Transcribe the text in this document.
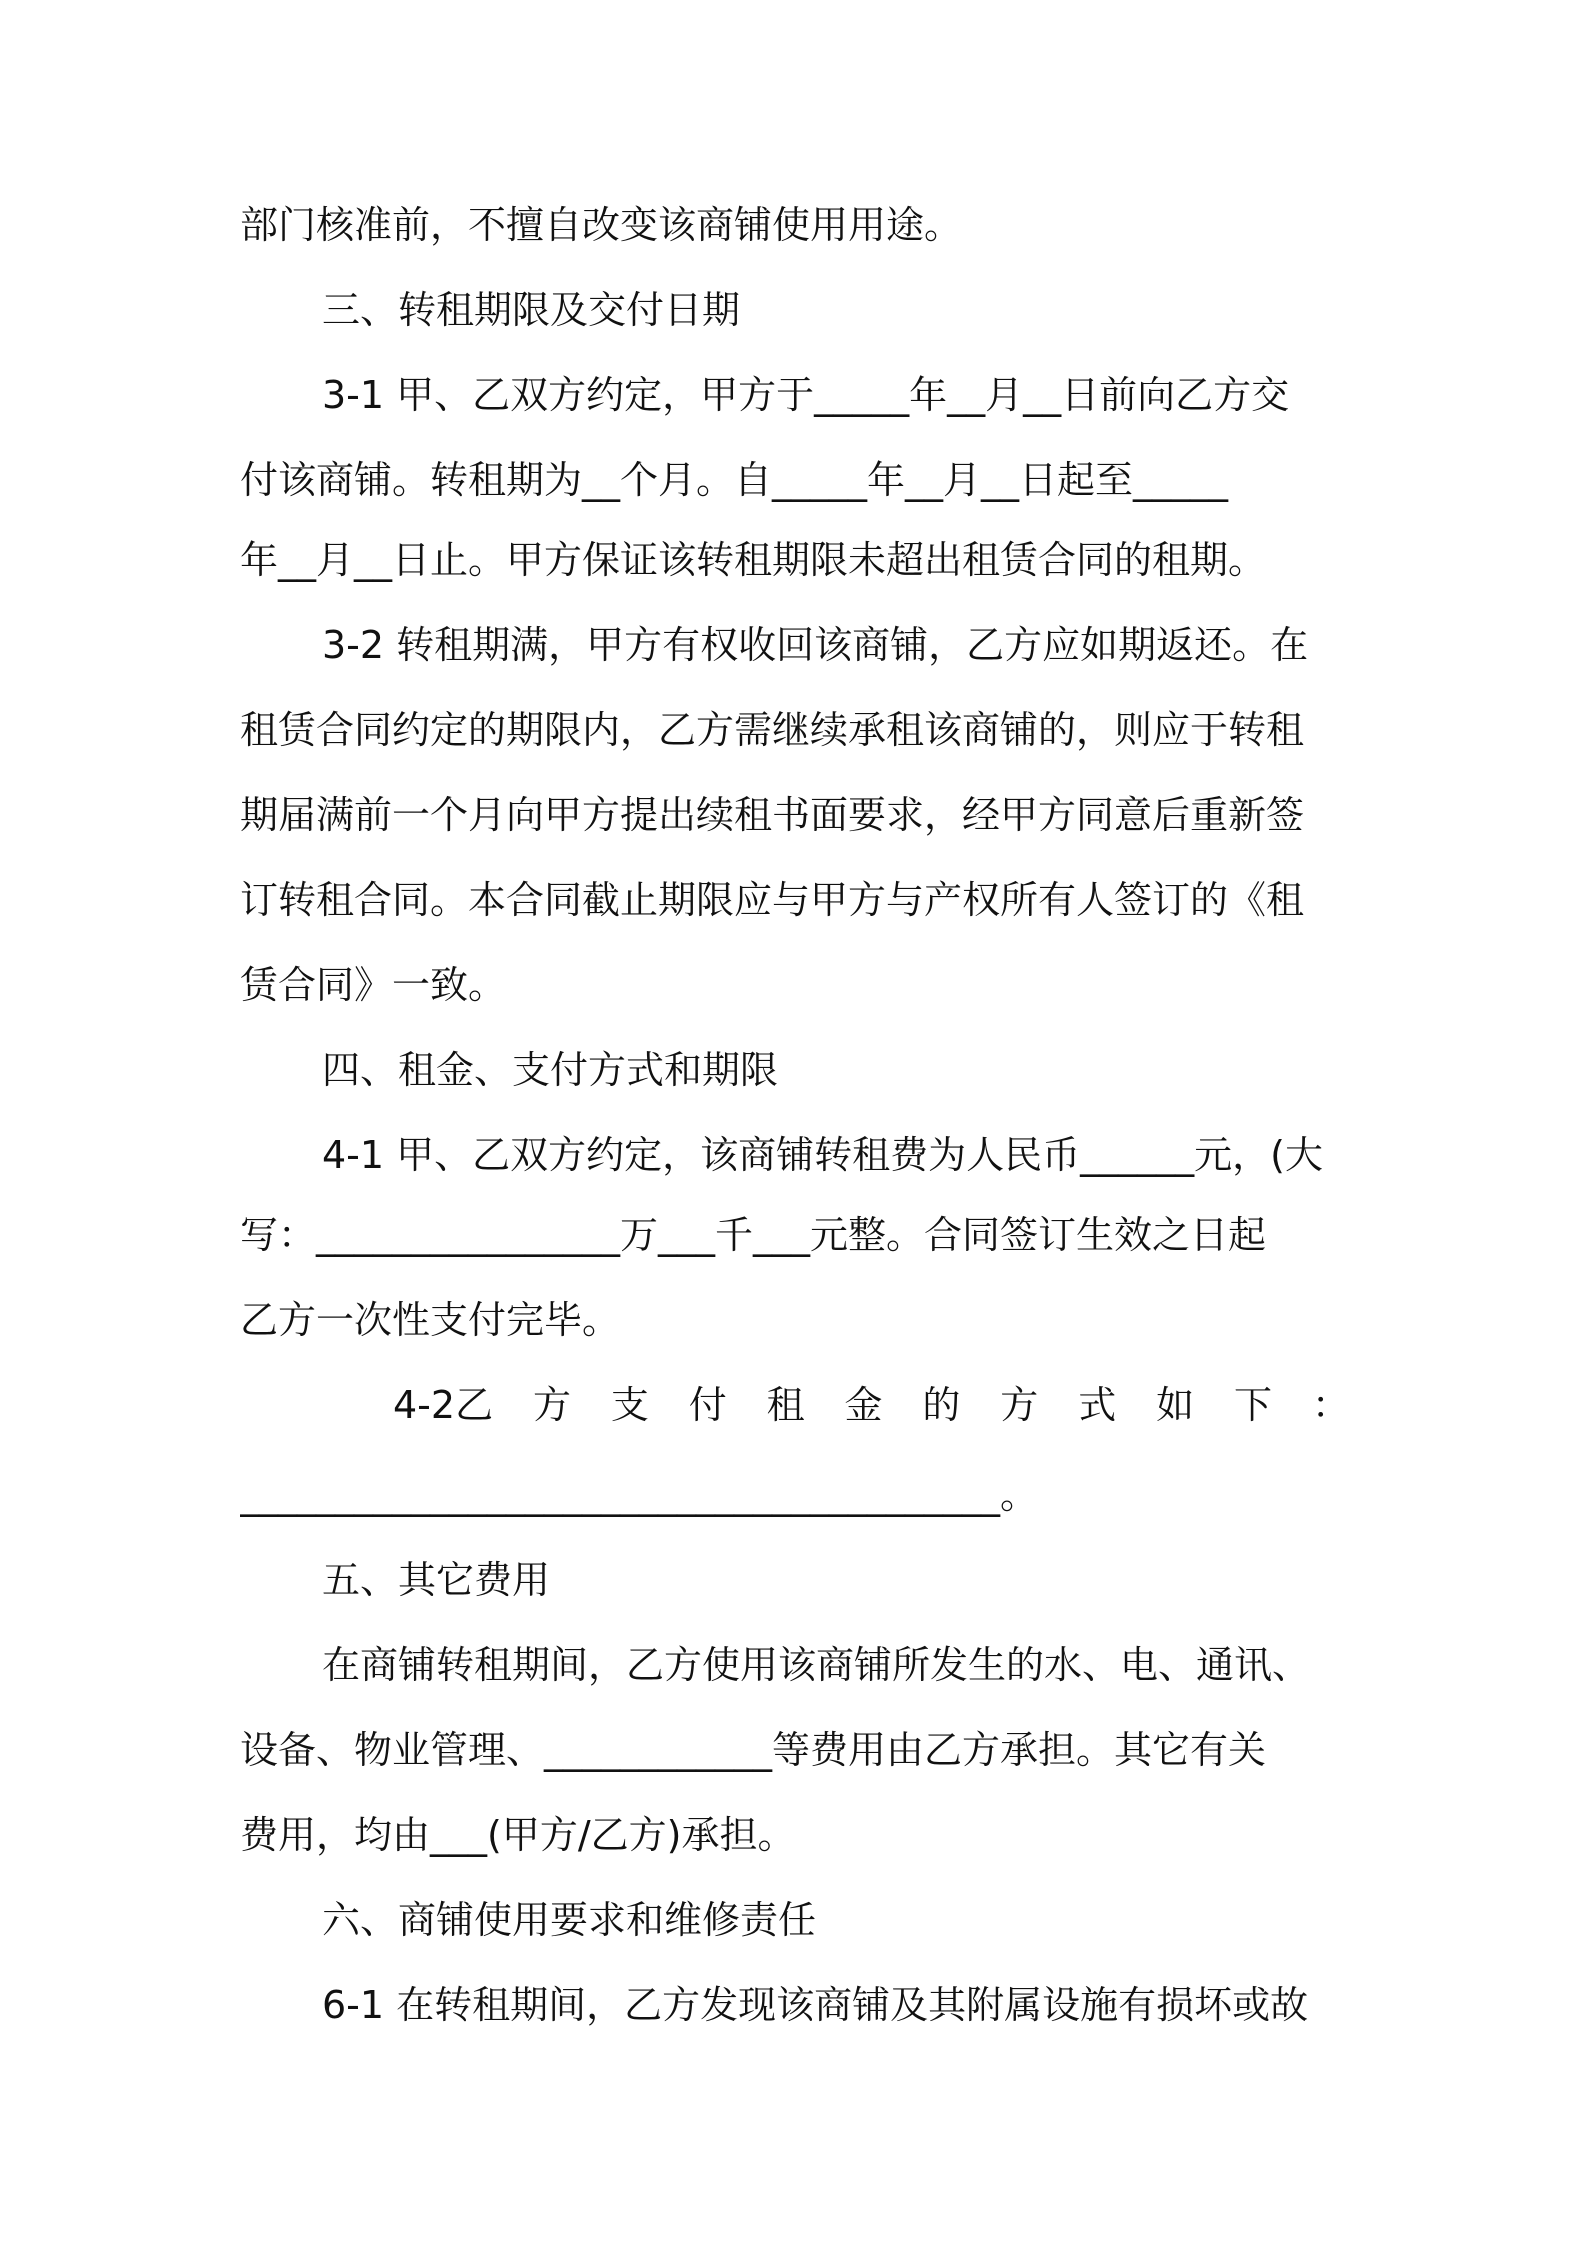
部门核准前，不擅自改变该商铺使用用途。
三、转租期限及交付日期
3-1 甲、乙双方约定，甲方于_____年__月__日前向乙方交
付该商铺。转租期为__个月。自_____年__月__日起至_____
年__月__日止。甲方保证该转租期限未超出租赁合同的租期。
3-2 转租期满，甲方有权收回该商铺，乙方应如期返还。在
租赁合同约定的期限内，乙方需继续承租该商铺的，则应于转租
期届满前一个月向甲方提出续租书面要求，经甲方同意后重新签
订转租合同。本合同截止期限应与甲方与产权所有人签订的《租
赁合同》一致。
四、租金、支付方式和期限
4-1 甲、乙双方约定，该商铺转租费为人民币______元，(大
写：________________万___千___元整。合同签订生效之日起
乙方一次性支付完毕。
4-2乙 方 支 付 租 金 的 方 式 如 下 ：
________________________________________。
五、其它费用
在商铺转租期间，乙方使用该商铺所发生的水、电、通讯、
设备、物业管理、____________等费用由乙方承担。其它有关
费用，均由___(甲方/乙方)承担。
六、商铺使用要求和维修责任
6-1 在转租期间，乙方发现该商铺及其附属设施有损坏或故
